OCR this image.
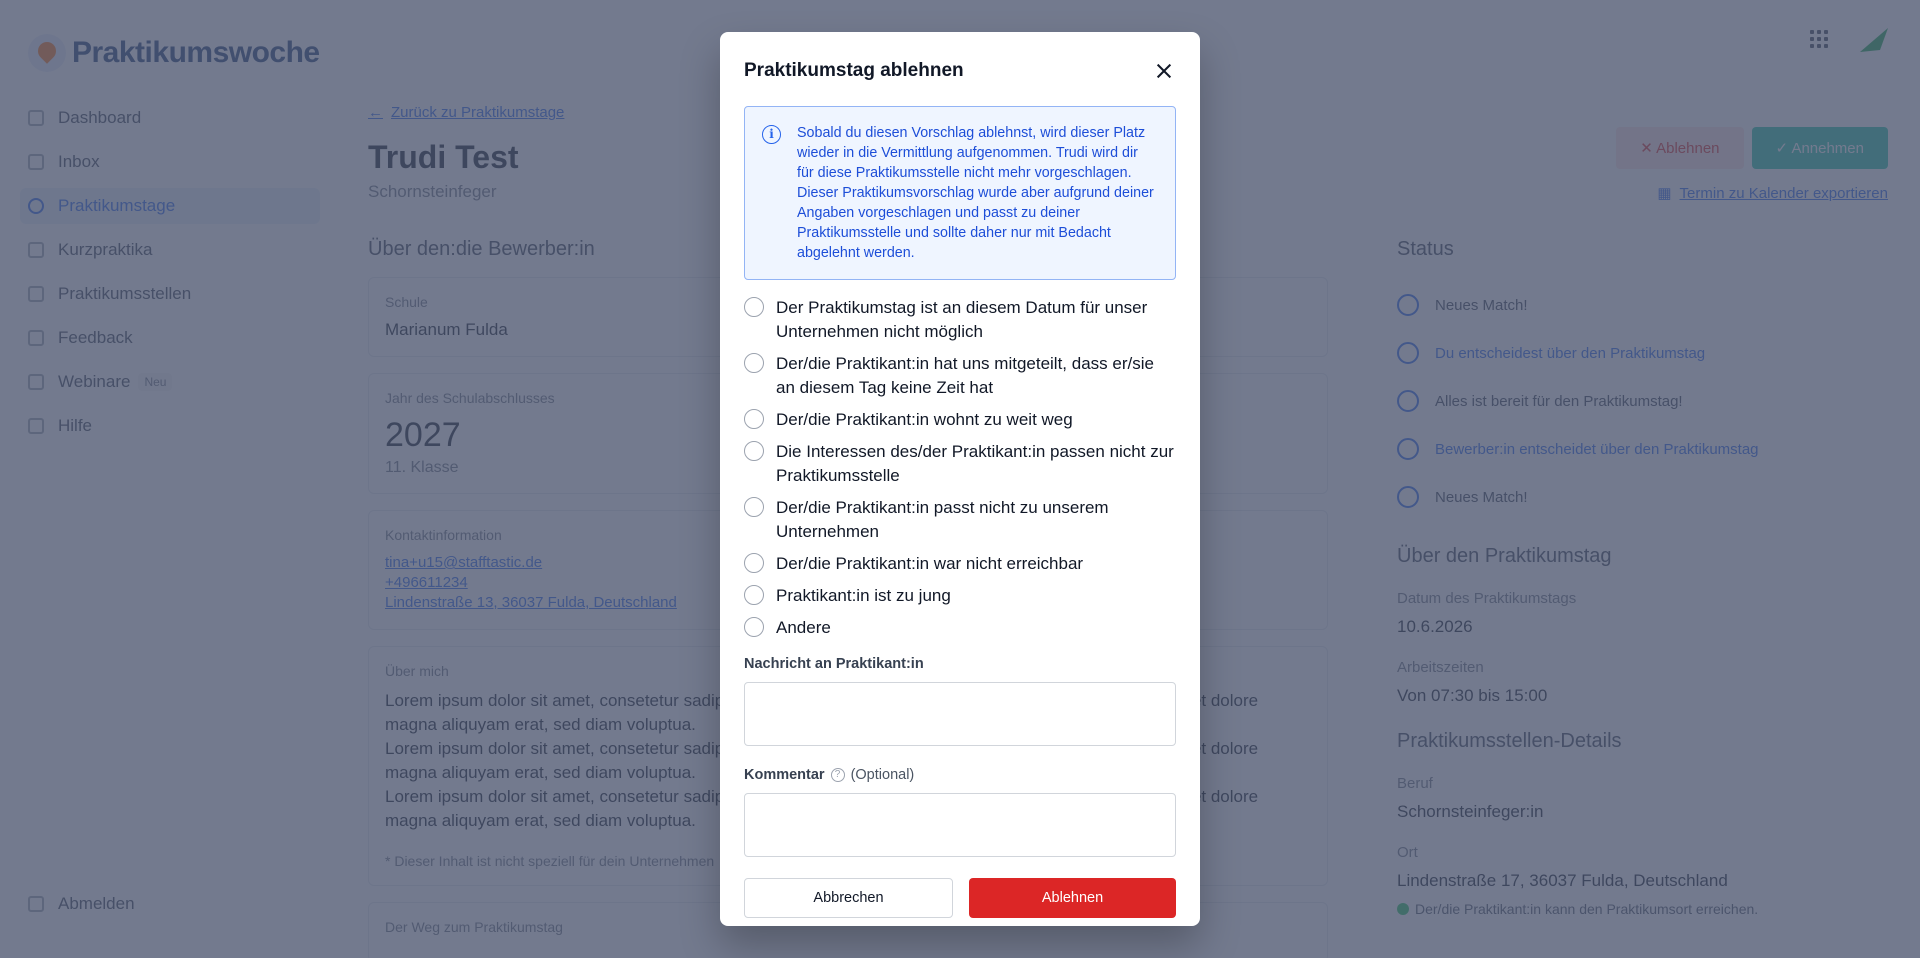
Praktikumstag ablehnen
i	Sobald du diesen Vorschlag ablehnst, wird dieser Platz wieder in die Vermittlung aufgenommen. Trudi wird dir für diese Praktikumsstelle nicht mehr vorgeschlagen. Dieser Praktikumsvorschlag wurde aber aufgrund deiner Angaben vorgeschlagen und passt zu deiner Praktikumsstelle und sollte daher nur mit Bedacht abgelehnt werden.
Der Praktikumstag ist an diesem Datum für unser Unternehmen nicht möglich
Der/die Praktikant:in hat uns mitgeteilt, dass er/sie an diesem Tag keine Zeit hat
Der/die Praktikant:in wohnt zu weit weg
Die Interessen des/der Praktikant:in passen nicht zur Praktikumsstelle
Der/die Praktikant:in passt nicht zu unserem Unternehmen
Der/die Praktikant:in war nicht erreichbar
Praktikant:in ist zu jung
Andere
Nachricht an Praktikant:in
Kommentar	? (Optional)
Abbrechen	Ablehnen
